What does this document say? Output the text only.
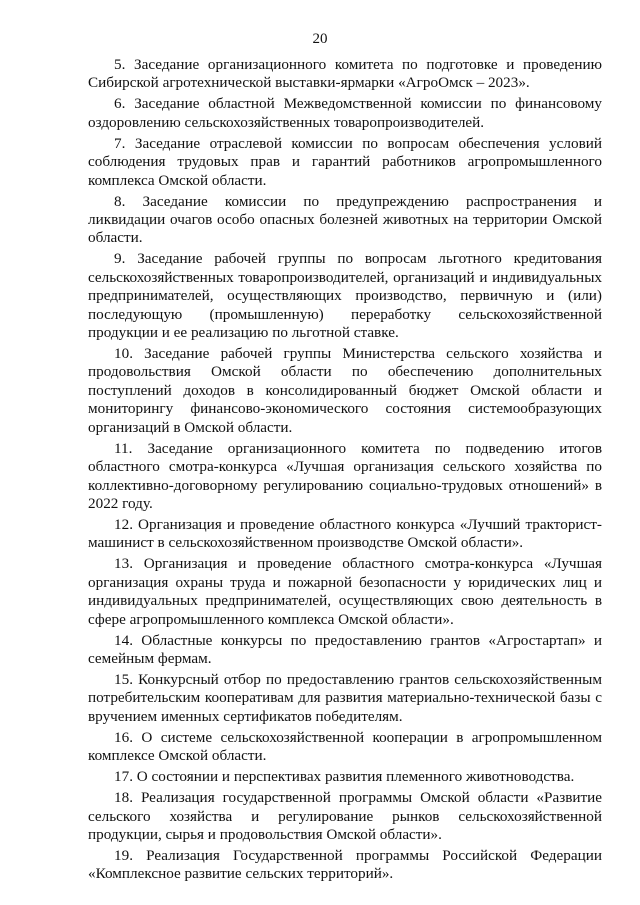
20

5. Заседание организационного комитета по подготовке и проведению Сибирской агротехнической выставки-ярмарки «АгроОмск – 2023».

6. Заседание областной Межведомственной комиссии по финансовому оздоровлению сельскохозяйственных товаропроизводителей.

7. Заседание отраслевой комиссии по вопросам обеспечения условий соблюдения трудовых прав и гарантий работников агропромышленного комплекса Омской области.

8. Заседание комиссии по предупреждению распространения и ликвидации очагов особо опасных болезней животных на территории Омской области.

9. Заседание рабочей группы по вопросам льготного кредитования сельскохозяйственных товаропроизводителей, организаций и индивидуальных предпринимателей, осуществляющих производство, первичную и (или) последующую (промышленную) переработку сельскохозяйственной продукции и ее реализацию по льготной ставке.

10. Заседание рабочей группы Министерства сельского хозяйства и продовольствия Омской области по обеспечению дополнительных поступлений доходов в консолидированный бюджет Омской области и мониторингу финансово-экономического состояния системообразующих организаций в Омской области.

11. Заседание организационного комитета по подведению итогов областного смотра-конкурса «Лучшая организация сельского хозяйства по коллективно-договорному регулированию социально-трудовых отношений» в 2022 году.

12. Организация и проведение областного конкурса «Лучший тракторист-машинист в сельскохозяйственном производстве Омской области».

13. Организация и проведение областного смотра-конкурса «Лучшая организация охраны труда и пожарной безопасности у юридических лиц и индивидуальных предпринимателей, осуществляющих свою деятельность в сфере агропромышленного комплекса Омской области».

14. Областные конкурсы по предоставлению грантов «Агростартап» и семейным фермам.

15. Конкурсный отбор по предоставлению грантов сельскохозяйственным потребительским кооперативам для развития материально-технической базы с вручением именных сертификатов победителям.

16. О системе сельскохозяйственной кооперации в агропромышленном комплексе Омской области.

17. О состоянии и перспективах развития племенного животноводства.

18. Реализация государственной программы Омской области «Развитие сельского хозяйства и регулирование рынков сельскохозяйственной продукции, сырья и продовольствия Омской области».

19. Реализация Государственной программы Российской Федерации «Комплексное развитие сельских территорий».
